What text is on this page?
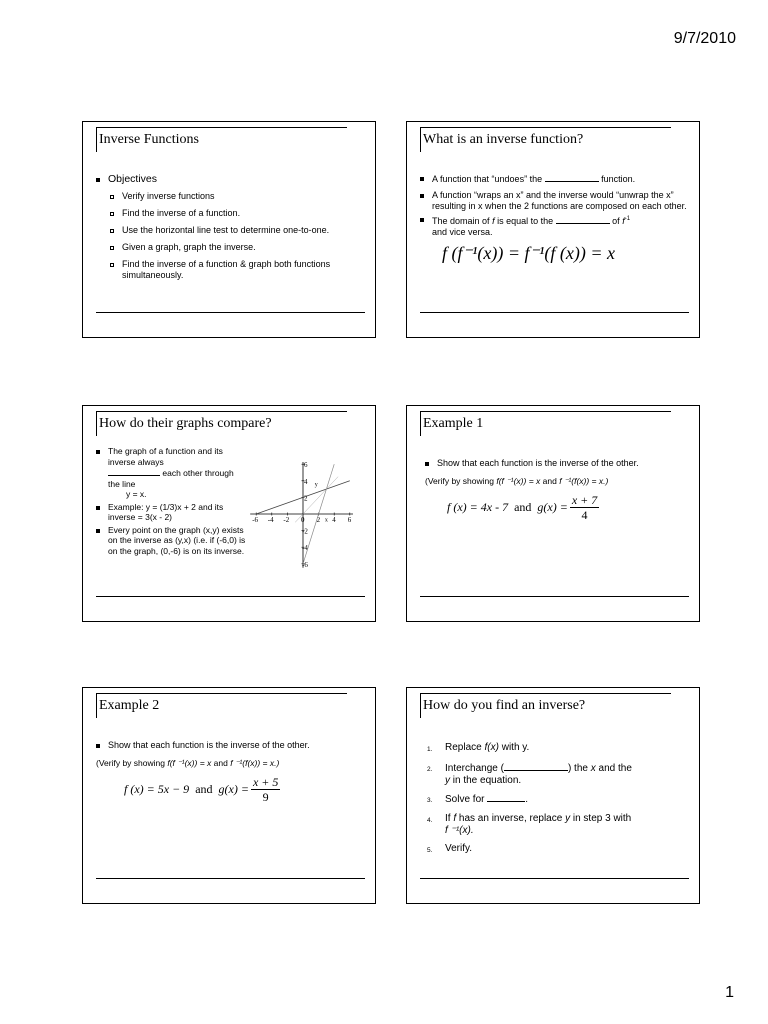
9/7/2010
Inverse Functions
Objectives
Verify inverse functions
Find the inverse of a function.
Use the horizontal line test to determine one-to-one.
Given a graph, graph the inverse.
Find the inverse of a function & graph both functions simultaneously.
What is an inverse function?
A function that “undoes” the	function.
A function “wraps an x” and the inverse would “unwrap the x” resulting in x when the 2 functions are composed on each other.
The domain of f is equal to the	of $f^{-1}$
and vice versa.
f (f⁻¹(x)) = f⁻¹(f (x)) = x
How do their graphs compare?
The graph of a function and its inverse always
each other through the line
y = x.
Example: y = (1/3)x + 2 and its inverse = 3(x - 2)
Every point on the graph (x,y) exists on the inverse as (y,x) (i.e. if (-6,0) is on the graph, (0,-6) is on its inverse.
-6 -4 -2 0 2 4 6
6
4
2
-2
-4
-6
y
x
Example 1
Show that each function is the inverse of the other.
(Verify by showing f(f ⁻¹(x)) = x and f ⁻¹(f(x)) = x.)
f (x) = 4x - 7
and
$g(x) = \frac{x + 7}{4}$
Example 2
Show that each function is the inverse of the other.
(Verify by showing f(f ⁻¹(x)) = x and f ⁻¹(f(x)) = x.)
f (x) = 5x − 9
and
$g(x) = \frac{x + 5}{9}$
How do you find an inverse?
1.	Replace f(x) with y.
2.	Interchange (	) the x and the
y in the equation.
3.	Solve for	.
4.	If f has an inverse, replace y in step 3 with
f ⁻¹(x).
5.	Verify.
1
